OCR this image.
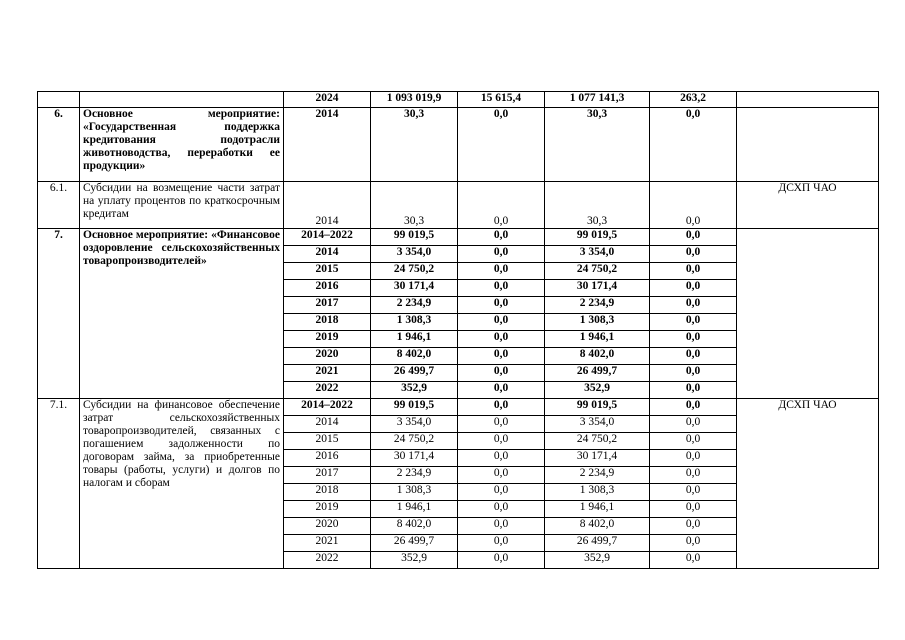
		2024	1 093 019,9	15 615,4	1 077 141,3	263,2	
6.	Основное мероприятие: «Государственная поддержка кредитования подотрасли животноводства, переработки ее продукции»	2014	30,3	0,0	30,3	0,0	
6.1.	Субсидии на возмещение части затрат на уплату процентов по краткосрочным кредитам	2014	30,3	0,0	30,3	0,0	ДСХП ЧАО
7.	Основное мероприятие: «Финансовое оздоровление сельскохозяйственных товаропроизводителей»	2014–2022	99 019,5	0,0	99 019,5	0,0	
		2014	3 354,0	0,0	3 354,0	0,0	
		2015	24 750,2	0,0	24 750,2	0,0	
		2016	30 171,4	0,0	30 171,4	0,0	
		2017	2 234,9	0,0	2 234,9	0,0	
		2018	1 308,3	0,0	1 308,3	0,0	
		2019	1 946,1	0,0	1 946,1	0,0	
		2020	8 402,0	0,0	8 402,0	0,0	
		2021	26 499,7	0,0	26 499,7	0,0	
		2022	352,9	0,0	352,9	0,0	
7.1.	Субсидии на финансовое обеспечение затрат сельскохозяйственных товаропроизводителей, связанных с погашением задолженности по договорам займа, за приобретенные товары (работы, услуги) и долгов по налогам и сборам	2014–2022	99 019,5	0,0	99 019,5	0,0	ДСХП ЧАО
		2014	3 354,0	0,0	3 354,0	0,0	
		2015	24 750,2	0,0	24 750,2	0,0	
		2016	30 171,4	0,0	30 171,4	0,0	
		2017	2 234,9	0,0	2 234,9	0,0	
		2018	1 308,3	0,0	1 308,3	0,0	
		2019	1 946,1	0,0	1 946,1	0,0	
		2020	8 402,0	0,0	8 402,0	0,0	
		2021	26 499,7	0,0	26 499,7	0,0	
		2022	352,9	0,0	352,9	0,0	
